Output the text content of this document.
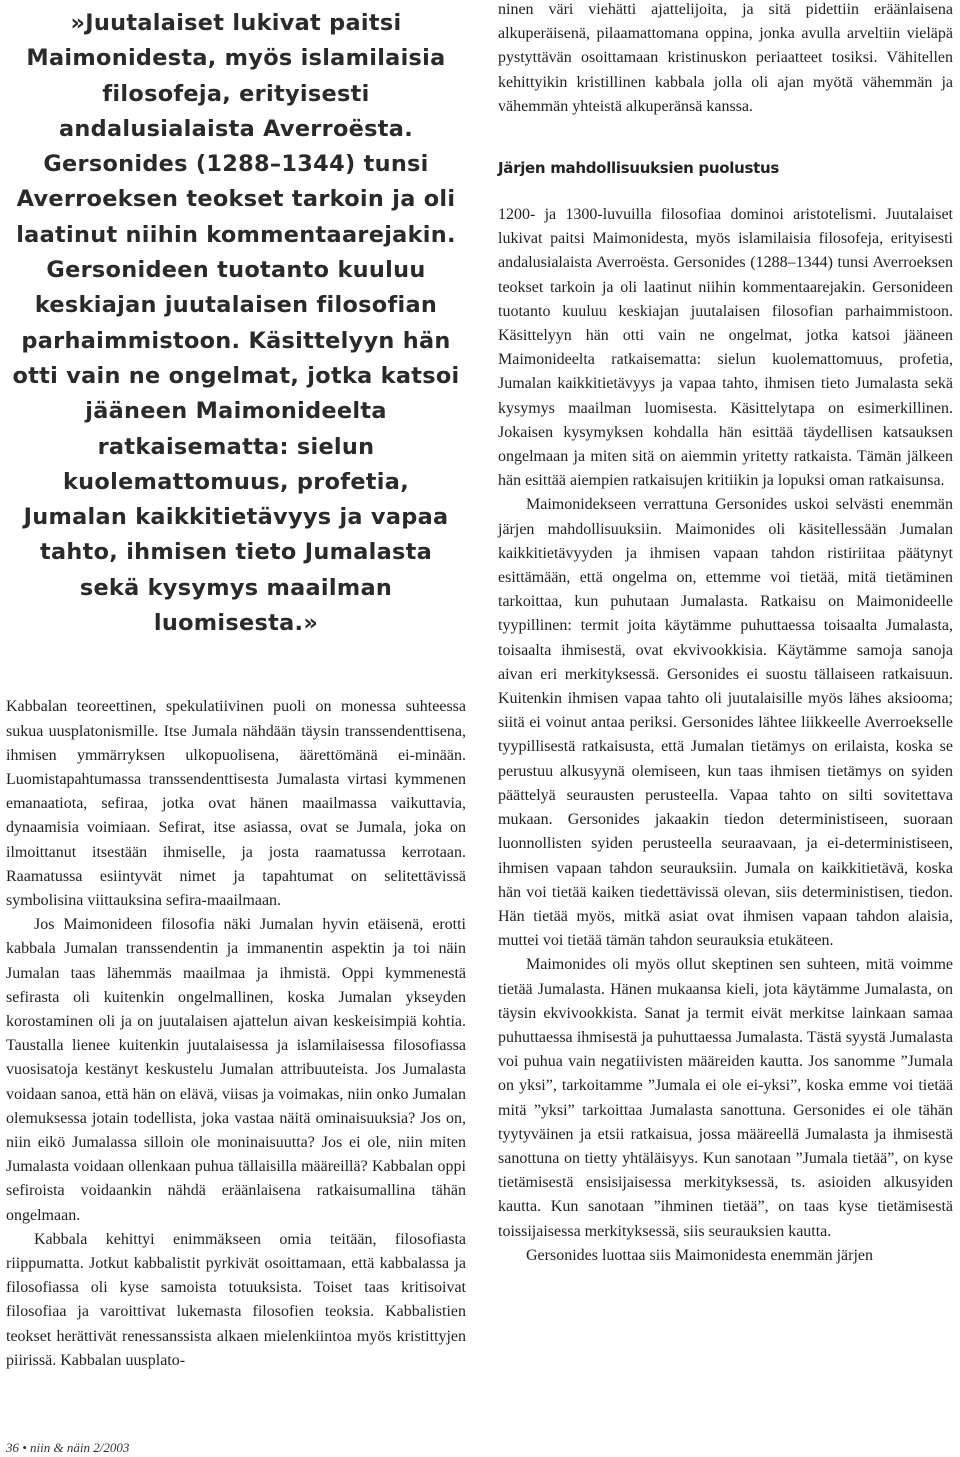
»Juutalaiset lukivat paitsi Maimonidesta, myös islamilaisia filosofeja, erityisesti andalusialaista Averroësta. Gersonides (1288–1344) tunsi Averroeksen teokset tarkoin ja oli laatinut niihin kommentaarejakin. Gersonideen tuotanto kuuluu keskiajan juutalaisen filosofian parhaimmistoon. Käsittelyyn hän otti vain ne ongelmat, jotka katsoi jääneen Maimonideelta ratkaisematta: sielun kuolemattomuus, profetia, Jumalan kaikkitietävyys ja vapaa tahto, ihmisen tieto Jumalasta sekä kysymys maailman luomisesta.»

Kabbalan teoreettinen, spekulatiivinen puoli on monessa suhteessa sukua uusplatonismille. Itse Jumala nähdään täysin transsendenttisena, ihmisen ymmärryksen ulkopuolisena, äärettömänä ei-minään. Luomistapahtumassa transsendenttisesta Jumalasta virtasi kymmenen emanaatiota, sefiraa, jotka ovat hänen maailmassa vaikuttavia, dynaamisia voimiaan. Sefirat, itse asiassa, ovat se Jumala, joka on ilmoittanut itsestään ihmiselle, ja josta raamatussa kerrotaan. Raamatussa esiintyvät nimet ja tapahtumat on selitettävissä symbolisina viittauksina sefira-maailmaan.

Jos Maimonideen filosofia näki Jumalan hyvin etäisenä, erotti kabbala Jumalan transsendentin ja immanentin aspektin ja toi näin Jumalan taas lähemmäs maailmaa ja ihmistä. Oppi kymmenestä sefirasta oli kuitenkin ongelmallinen, koska Jumalan ykseyden korostaminen oli ja on juutalaisen ajattelun aivan keskeisimpiä kohtia. Taustalla lienee kuitenkin juutalaisessa ja islamilaisessa filosofiassa vuosisatoja kestänyt keskustelu Jumalan attribuuteista. Jos Jumalasta voidaan sanoa, että hän on elävä, viisas ja voimakas, niin onko Jumalan olemuksessa jotain todellista, joka vastaa näitä ominaisuuksia? Jos on, niin eikö Jumalassa silloin ole moninaisuutta? Jos ei ole, niin miten Jumalasta voidaan ollenkaan puhua tällaisilla määreillä? Kabbalan oppi sefiroista voidaankin nähdä eräänlaisena ratkaisumallina tähän ongelmaan.

Kabbala kehittyi enimmäkseen omia teitään, filosofiasta riippumatta. Jotkut kabbalistit pyrkivät osoittamaan, että kabbalassa ja filosofiassa oli kyse samoista totuuksista. Toiset taas kritisoivat filosofiaa ja varoittivat lukemasta filosofien teoksia. Kabbalistien teokset herättivät renessanssista alkaen mielenkiintoa myös kristittyjen piirissä. Kabbalan uusplato-

ninen väri viehätti ajattelijoita, ja sitä pidettiin eräänlaisena alkuperäisenä, pilaamattomana oppina, jonka avulla arveltiin vieläpä pystyttävän osoittamaan kristinuskon periaatteet tosiksi. Vähitellen kehittyikin kristillinen kabbala jolla oli ajan myötä vähemmän ja vähemmän yhteistä alkuperänsä kanssa.

Järjen mahdollisuuksien puolustus

1200- ja 1300-luvuilla filosofiaa dominoi aristotelismi. Juutalaiset lukivat paitsi Maimonidesta, myös islamilaisia filosofeja, erityisesti andalusialaista Averroësta. Gersonides (1288–1344) tunsi Averroeksen teokset tarkoin ja oli laatinut niihin kommentaarejakin. Gersonideen tuotanto kuuluu keskiajan juutalaisen filosofian parhaimmistoon. Käsittelyyn hän otti vain ne ongelmat, jotka katsoi jääneen Maimonideelta ratkaisematta: sielun kuolemattomuus, profetia, Jumalan kaikkitietävyys ja vapaa tahto, ihmisen tieto Jumalasta sekä kysymys maailman luomisesta. Käsittelytapa on esimerkillinen. Jokaisen kysymyksen kohdalla hän esittää täydellisen katsauksen ongelmaan ja miten sitä on aiemmin yritetty ratkaista. Tämän jälkeen hän esittää aiempien ratkaisujen kritiikin ja lopuksi oman ratkaisunsa.

Maimonidekseen verrattuna Gersonides uskoi selvästi enemmän järjen mahdollisuuksiin. Maimonides oli käsitellessään Jumalan kaikkitietävyyden ja ihmisen vapaan tahdon ristiriitaa päätynyt esittämään, että ongelma on, ettemme voi tietää, mitä tietäminen tarkoittaa, kun puhutaan Jumalasta. Ratkaisu on Maimonideelle tyypillinen: termit joita käytämme puhuttaessa toisaalta Jumalasta, toisaalta ihmisestä, ovat ekvivookkisia. Käytämme samoja sanoja aivan eri merkityksessä. Gersonides ei suostu tällaiseen ratkaisuun. Kuitenkin ihmisen vapaa tahto oli juutalaisille myös lähes aksiooma; siitä ei voinut antaa periksi. Gersonides lähtee liikkeelle Averroekselle tyypillisestä ratkaisusta, että Jumalan tietämys on erilaista, koska se perustuu alkusyynä olemiseen, kun taas ihmisen tietämys on syiden päättelyä seurausten perusteella. Vapaa tahto on silti sovitettava mukaan. Gersonides jakaakin tiedon deterministiseen, suoraan luonnollisten syiden perusteella seuraavaan, ja ei-deterministiseen, ihmisen vapaan tahdon seurauksiin. Jumala on kaikkitietävä, koska hän voi tietää kaiken tiedettävissä olevan, siis deterministisen, tiedon. Hän tietää myös, mitkä asiat ovat ihmisen vapaan tahdon alaisia, muttei voi tietää tämän tahdon seurauksia etukäteen.

Maimonides oli myös ollut skeptinen sen suhteen, mitä voimme tietää Jumalasta. Hänen mukaansa kieli, jota käytämme Jumalasta, on täysin ekvivookkista. Sanat ja termit eivät merkitse lainkaan samaa puhuttaessa ihmisestä ja puhuttaessa Jumalasta. Tästä syystä Jumalasta voi puhua vain negatiivisten määreiden kautta. Jos sanomme ”Jumala on yksi”, tarkoitamme ”Jumala ei ole ei-yksi”, koska emme voi tietää mitä ”yksi” tarkoittaa Jumalasta sanottuna. Gersonides ei ole tähän tyytyväinen ja etsii ratkaisua, jossa määreellä Jumalasta ja ihmisestä sanottuna on tietty yhtäläisyys. Kun sanotaan ”Jumala tietää”, on kyse tietämisestä ensisijaisessa merkityksessä, ts. asioiden alkusyiden kautta. Kun sanotaan ”ihminen tietää”, on taas kyse tietämisestä toissijaisessa merkityksessä, siis seurauksien kautta.

Gersonides luottaa siis Maimonidesta enemmän järjen

36 • niin & näin 2/2003
